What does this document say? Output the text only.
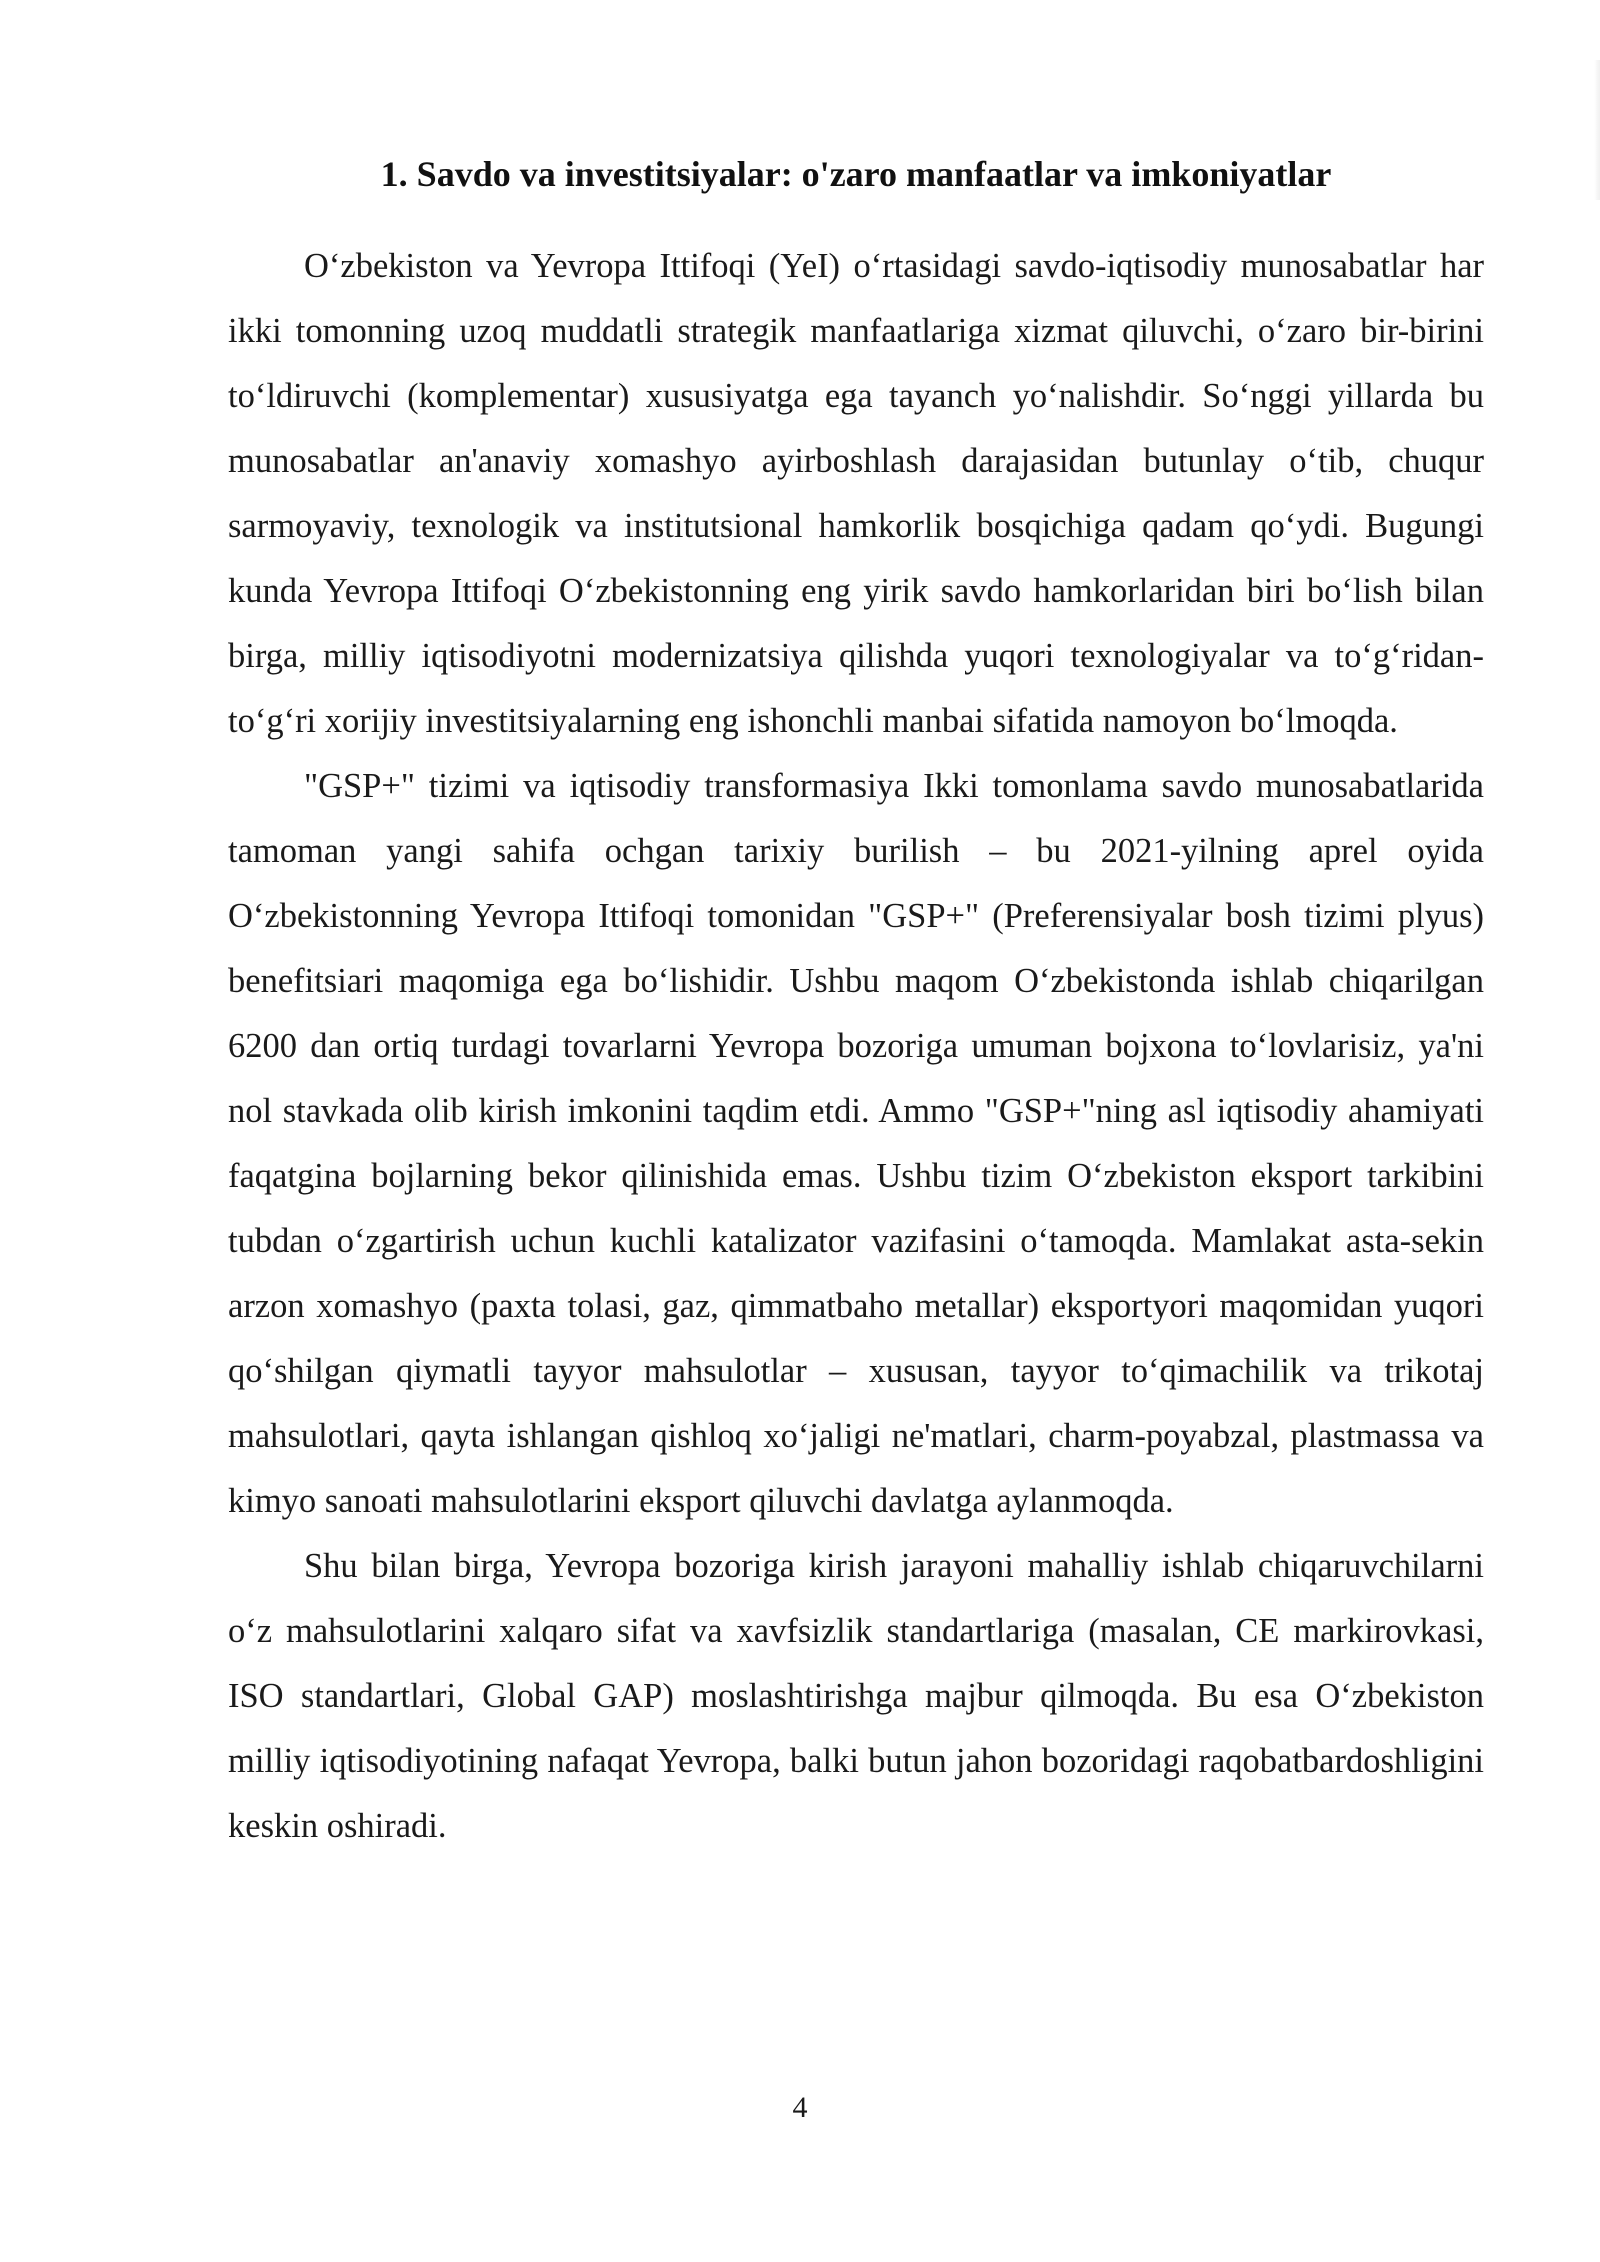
1. Savdo va investitsiyalar: o'zaro manfaatlar va imkoniyatlar

O‘zbekiston va Yevropa Ittifoqi (YeI) o‘rtasidagi savdo-iqtisodiy munosabatlar har ikki tomonning uzoq muddatli strategik manfaatlariga xizmat qiluvchi, o‘zaro bir-birini to‘ldiruvchi (komplementar) xususiyatga ega tayanch yo‘nalishdir. So‘nggi yillarda bu munosabatlar an'anaviy xomashyo ayirboshlash darajasidan butunlay o‘tib, chuqur sarmoyaviy, texnologik va institutsional hamkorlik bosqichiga qadam qo‘ydi. Bugungi kunda Yevropa Ittifoqi O‘zbekistonning eng yirik savdo hamkorlaridan biri bo‘lish bilan birga, milliy iqtisodiyotni modernizatsiya qilishda yuqori texnologiyalar va to‘g‘ridan-to‘g‘ri xorijiy investitsiyalarning eng ishonchli manbai sifatida namoyon bo‘lmoqda.

"GSP+" tizimi va iqtisodiy transformasiya Ikki tomonlama savdo munosabatlarida tamoman yangi sahifa ochgan tarixiy burilish – bu 2021-yilning aprel oyida O‘zbekistonning Yevropa Ittifoqi tomonidan "GSP+" (Preferensiyalar bosh tizimi plyus) benefitsiari maqomiga ega bo‘lishidir. Ushbu maqom O‘zbekistonda ishlab chiqarilgan 6200 dan ortiq turdagi tovarlarni Yevropa bozoriga umuman bojxona to‘lovlarisiz, ya'ni nol stavkada olib kirish imkonini taqdim etdi. Ammo "GSP+"ning asl iqtisodiy ahamiyati faqatgina bojlarning bekor qilinishida emas. Ushbu tizim O‘zbekiston eksport tarkibini tubdan o‘zgartirish uchun kuchli katalizator vazifasini o‘tamoqda. Mamlakat asta-sekin arzon xomashyo (paxta tolasi, gaz, qimmatbaho metallar) eksportyori maqomidan yuqori qo‘shilgan qiymatli tayyor mahsulotlar – xususan, tayyor to‘qimachilik va trikotaj mahsulotlari, qayta ishlangan qishloq xo‘jaligi ne'matlari, charm-poyabzal, plastmassa va kimyo sanoati mahsulotlarini eksport qiluvchi davlatga aylanmoqda.

Shu bilan birga, Yevropa bozoriga kirish jarayoni mahalliy ishlab chiqaruvchilarni o‘z mahsulotlarini xalqaro sifat va xavfsizlik standartlariga (masalan, CE markirovkasi, ISO standartlari, Global GAP) moslashtirishga majbur qilmoqda. Bu esa O‘zbekiston milliy iqtisodiyotining nafaqat Yevropa, balki butun jahon bozoridagi raqobatbardoshligini keskin oshiradi.

4
